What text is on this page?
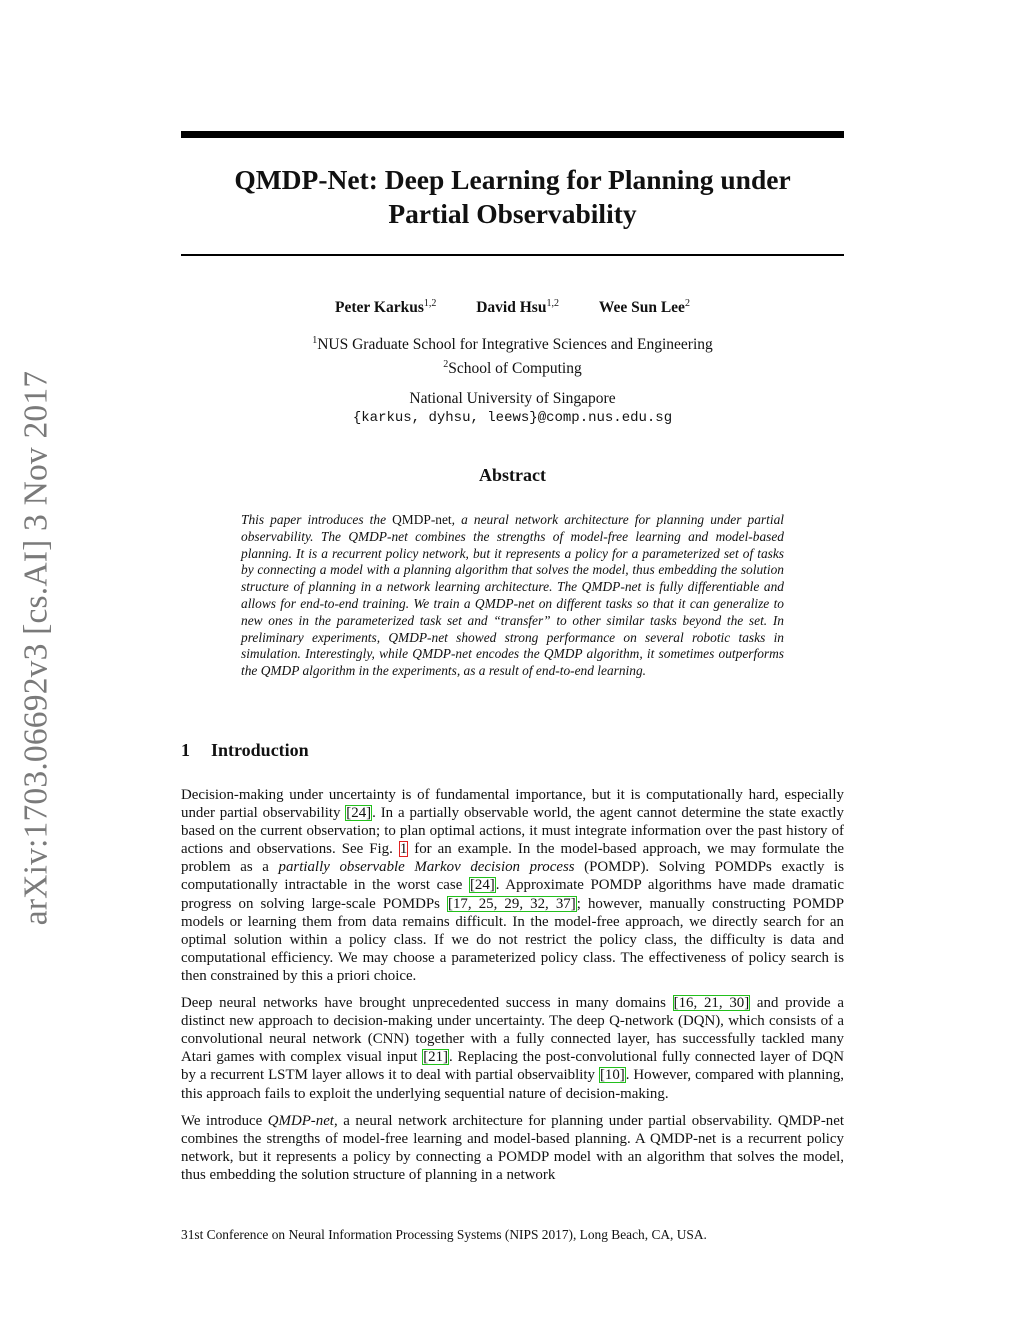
arXiv:1703.06692v3 [cs.AI] 3 Nov 2017
QMDP-Net: Deep Learning for Planning under
Partial Observability
Peter Karkus$^{1,2}$	David Hsu$^{1,2}$	Wee Sun Lee$^2$
$^1$NUS Graduate School for Integrative Sciences and Engineering
$^2$School of Computing
National University of Singapore
{karkus, dyhsu, leews}@comp.nus.edu.sg
Abstract

This paper introduces the QMDP-net, a neural network architecture for planning under partial observability. The QMDP-net combines the strengths of model-free learning and model-based planning. It is a recurrent policy network, but it represents a policy for a parameterized set of tasks by connecting a model with a planning algorithm that solves the model, thus embedding the solution structure of planning in a network learning architecture. The QMDP-net is fully differentiable and allows for end-to-end training. We train a QMDP-net on different tasks so that it can generalize to new ones in the parameterized task set and “transfer” to other similar tasks beyond the set. In preliminary experiments, QMDP-net showed strong performance on several robotic tasks in simulation. Interestingly, while QMDP-net encodes the QMDP algorithm, it sometimes outperforms the QMDP algorithm in the experiments, as a result of end-to-end learning.

1 Introduction

Decision-making under uncertainty is of fundamental importance, but it is computationally hard, especially under partial observability [24]. In a partially observable world, the agent cannot determine the state exactly based on the current observation; to plan optimal actions, it must integrate information over the past history of actions and observations. See Fig. 1 for an example. In the model-based approach, we may formulate the problem as a partially observable Markov decision process (POMDP). Solving POMDPs exactly is computationally intractable in the worst case [24]. Approximate POMDP algorithms have made dramatic progress on solving large-scale POMDPs [17, 25, 29, 32, 37]; however, manually constructing POMDP models or learning them from data remains difficult. In the model-free approach, we directly search for an optimal solution within a policy class. If we do not restrict the policy class, the difficulty is data and computational efficiency. We may choose a parameterized policy class. The effectiveness of policy search is then constrained by this a priori choice.

Deep neural networks have brought unprecedented success in many domains [16, 21, 30] and provide a distinct new approach to decision-making under uncertainty. The deep Q-network (DQN), which consists of a convolutional neural network (CNN) together with a fully connected layer, has successfully tackled many Atari games with complex visual input [21]. Replacing the post-convolutional fully connected layer of DQN by a recurrent LSTM layer allows it to deal with partial observaiblity [10]. However, compared with planning, this approach fails to exploit the underlying sequential nature of decision-making.

We introduce QMDP-net, a neural network architecture for planning under partial observability. QMDP-net combines the strengths of model-free learning and model-based planning. A QMDP-net is a recurrent policy network, but it represents a policy by connecting a POMDP model with an algorithm that solves the model, thus embedding the solution structure of planning in a network

31st Conference on Neural Information Processing Systems (NIPS 2017), Long Beach, CA, USA.
